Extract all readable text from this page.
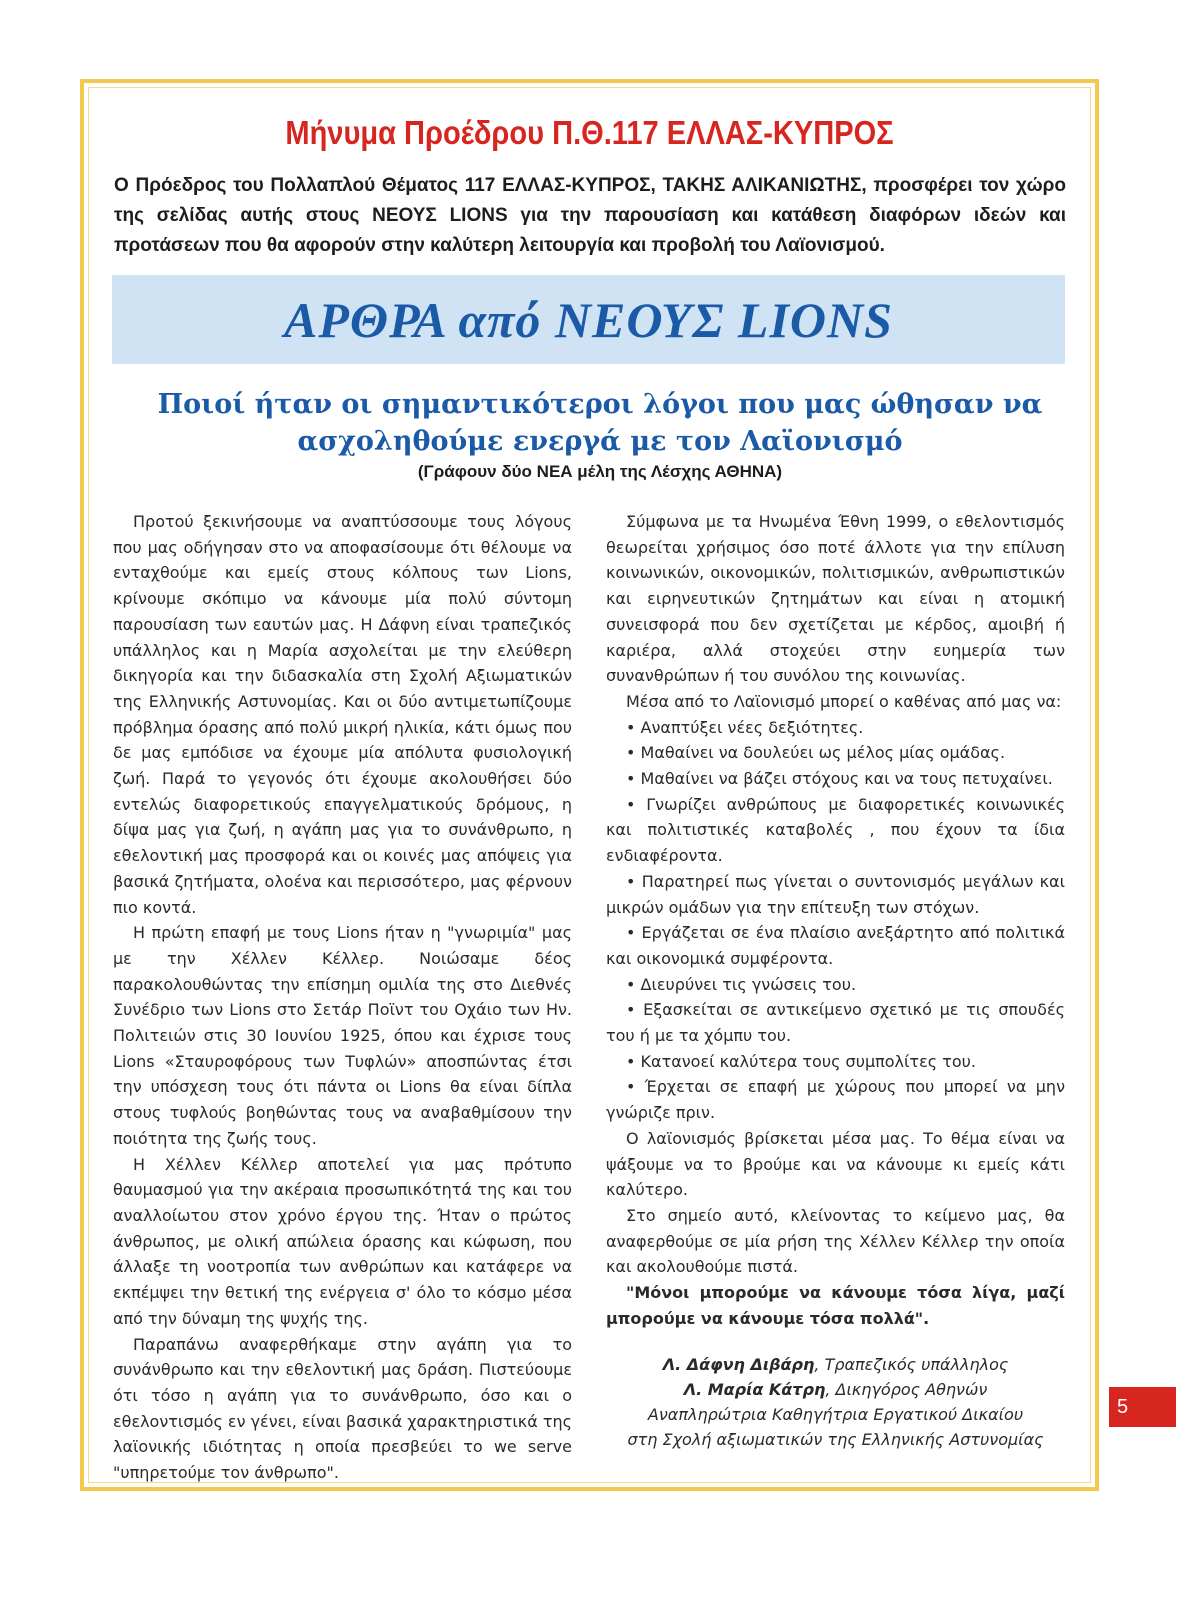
Μήνυμα Προέδρου Π.Θ.117 ΕΛΛΑΣ-ΚΥΠΡΟΣ

Ο Πρόεδρος του Πολλαπλού Θέματος 117 ΕΛΛΑΣ-ΚΥΠΡΟΣ, ΤΑΚΗΣ ΑΛΙΚΑΝΙΩΤΗΣ, προσφέρει τον χώρο της σελίδας αυτής στους ΝΕΟΥΣ LIONS για την παρουσίαση και κατάθεση διαφόρων ιδεών και προτάσεων που θα αφορούν στην καλύτερη λειτουργία και προβολή του Λαϊονισμού.

ΑΡΘΡΑ από ΝΕΟΥΣ LIONS
Ποιοί ήταν οι σημαντικότεροι λόγοι που μας ώθησαν να
ασχοληθούμε ενεργά με τον Λαϊονισμό

(Γράφουν δύο ΝΕΑ μέλη της Λέσχης ΑΘΗΝΑ)

Προτού ξεκινήσουμε να αναπτύσσουμε τους λόγους που μας οδήγησαν στο να αποφασίσουμε ότι θέλουμε να ενταχθούμε και εμείς στους κόλπους των Lions, κρίνουμε σκόπιμο να κάνουμε μία πολύ σύντομη παρουσίαση των εαυτών μας. Η Δάφνη είναι τραπεζικός υπάλληλος και η Μαρία ασχολείται με την ελεύθερη δικηγορία και την διδασκαλία στη Σχολή Αξιωματικών της Ελληνικής Αστυνομίας. Και οι δύο αντιμετωπίζουμε πρόβλημα όρασης από πολύ μικρή ηλικία, κάτι όμως που δε μας εμπόδισε να έχουμε μία απόλυτα φυσιολογική ζωή. Παρά το γεγονός ότι έχουμε ακολουθήσει δύο εντελώς διαφορετικούς επαγγελματικούς δρόμους, η δίψα μας για ζωή, η αγάπη μας για το συνάνθρωπο, η εθελοντική μας προσφορά και οι κοινές μας απόψεις για βασικά ζητήματα, ολοένα και περισσότερο, μας φέρνουν πιο κοντά.

Η πρώτη επαφή με τους Lions ήταν η "γνωριμία" μας με την Χέλλεν Κέλλερ. Νοιώσαμε δέος παρακολουθώντας την επίσημη ομιλία της στο Διεθνές Συνέδριο των Lions στο Σετάρ Ποϊντ του Οχάιο των Ην. Πολιτειών στις 30 Ιουνίου 1925, όπου και έχρισε τους Lions «Σταυροφόρους των Τυφλών» αποσπώντας έτσι την υπόσχεση τους ότι πάντα οι Lions θα είναι δίπλα στους τυφλούς βοηθώντας τους να αναβαθμίσουν την ποιότητα της ζωής τους.

Η Χέλλεν Κέλλερ αποτελεί για μας πρότυπο θαυμασμού για την ακέραια προσωπικότητά της και του αναλλοίωτου στον χρόνο έργου της. Ήταν ο πρώτος άνθρωπος, με ολική απώλεια όρασης και κώφωση, που άλλαξε τη νοοτροπία των ανθρώπων και κατάφερε να εκπέμψει την θετική της ενέργεια σ' όλο το κόσμο μέσα από την δύναμη της ψυχής της.

Παραπάνω αναφερθήκαμε στην αγάπη για το συνάνθρωπο και την εθελοντική μας δράση. Πιστεύουμε ότι τόσο η αγάπη για το συνάνθρωπο, όσο και ο εθελοντισμός εν γένει, είναι βασικά χαρακτηριστικά της λαϊονικής ιδιότητας η οποία πρεσβεύει το we serve "υπηρετούμε τον άνθρωπο".

Σύμφωνα με τα Ηνωμένα Έθνη 1999, ο εθελοντισμός θεωρείται χρήσιμος όσο ποτέ άλλοτε για την επίλυση κοινωνικών, οικονομικών, πολιτισμικών, ανθρωπιστικών και ειρηνευτικών ζητημάτων και είναι η ατομική συνεισφορά που δεν σχετίζεται με κέρδος, αμοιβή ή καριέρα, αλλά στοχεύει στην ευημερία των συνανθρώπων ή του συνόλου της κοινωνίας.

Μέσα από το Λαϊονισμό μπορεί ο καθένας από μας να:

• Αναπτύξει νέες δεξιότητες.

• Μαθαίνει να δουλεύει ως μέλος μίας ομάδας.

• Μαθαίνει να βάζει στόχους και να τους πετυχαίνει.

• Γνωρίζει ανθρώπους με διαφορετικές κοινωνικές και πολιτιστικές καταβολές , που έχουν τα ίδια ενδιαφέροντα.

• Παρατηρεί πως γίνεται ο συντονισμός μεγάλων και μικρών ομάδων για την επίτευξη των στόχων.

• Εργάζεται σε ένα πλαίσιο ανεξάρτητο από πολιτικά και οικονομικά συμφέροντα.

• Διευρύνει τις γνώσεις του.

• Εξασκείται σε αντικείμενο σχετικό με τις σπουδές του ή με τα χόμπυ του.

• Κατανοεί καλύτερα τους συμπολίτες του.

• Έρχεται σε επαφή με χώρους που μπορεί να μην γνώριζε πριν.

Ο λαϊονισμός βρίσκεται μέσα μας. Το θέμα είναι να ψάξουμε να το βρούμε και να κάνουμε κι εμείς κάτι καλύτερο.

Στο σημείο αυτό, κλείνοντας το κείμενο μας, θα αναφερθούμε σε μία ρήση της Χέλλεν Κέλλερ την οποία και ακολουθούμε πιστά.

"Μόνοι μπορούμε να κάνουμε τόσα λίγα, μαζί μπορούμε να κάνουμε τόσα πολλά".

Λ. Δάφνη Διβάρη, Τραπεζικός υπάλληλος
Λ. Μαρία Κάτρη, Δικηγόρος Αθηνών
Αναπληρώτρια Καθηγήτρια Εργατικού Δικαίου
στη Σχολή αξιωματικών της Ελληνικής Αστυνομίας

5
